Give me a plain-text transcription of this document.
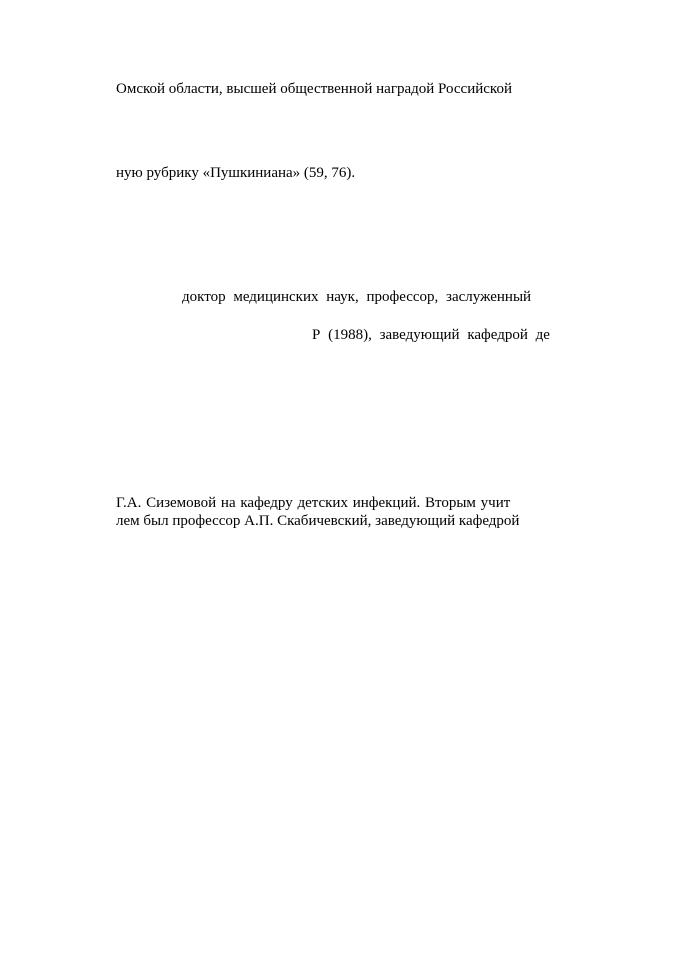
Омской области, высшей общественной наградой Российской

ную рубрику «Пушкиниана» (59, 76).

доктор медицинских наук, профессор, заслуженный

Р (1988), заведующий кафедрой де

Г.А. Сиземовой на кафедру детских инфекций. Вторым учит

лем был профессор А.П. Скабичевский, заведующий кафедрой
